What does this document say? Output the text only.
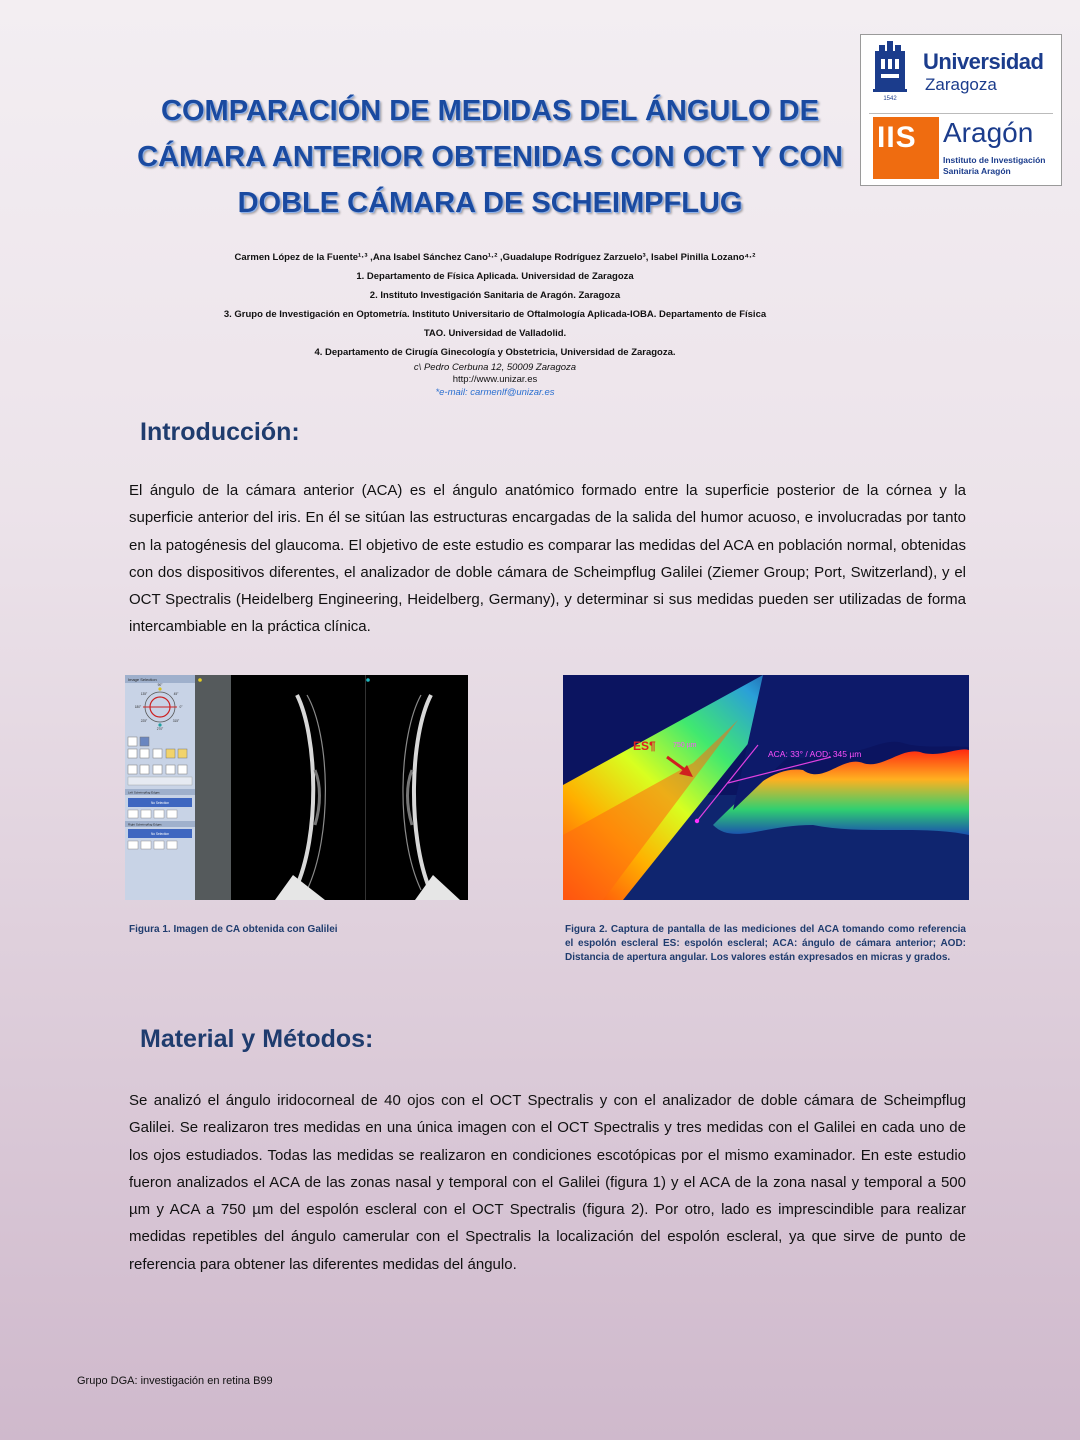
COMPARACIÓN DE MEDIDAS DEL ÁNGULO DE
CÁMARA ANTERIOR OBTENIDAS CON OCT Y CON
DOBLE CÁMARA DE SCHEIMPFLUG
1542
Universidad
Zaragoza
IIS Aragón
Instituto de Investigación
Sanitaria Aragón
Carmen López de la Fuente¹·³ ,Ana Isabel Sánchez Cano¹·² ,Guadalupe Rodríguez Zarzuelo³, Isabel Pinilla Lozano⁴·²
1. Departamento de Física Aplicada. Universidad de Zaragoza
2. Instituto Investigación Sanitaria de Aragón. Zaragoza
3. Grupo de Investigación en Optometría. Instituto Universitario de Oftalmología Aplicada-IOBA. Departamento de Física
TAO. Universidad de Valladolid.
4. Departamento de Cirugía Ginecología y Obstetricia, Universidad de Zaragoza.
c\ Pedro Cerbuna 12, 50009 Zaragoza
http://www.unizar.es
*e-mail: carmenlf@unizar.es
Introducción:
El ángulo de la cámara anterior (ACA) es el ángulo anatómico formado entre la superficie posterior de la córnea y la superficie anterior del iris. En él se sitúan las estructuras encargadas de la salida del humor acuoso, e involucradas por tanto en la patogénesis del glaucoma. El objetivo de este estudio es comparar las medidas del ACA en población normal, obtenidas con dos dispositivos diferentes, el analizador de doble cámara de Scheimpflug Galilei (Ziemer Group; Port, Switzerland), y el OCT Spectralis (Heidelberg Engineering, Heidelberg, Germany), y determinar si sus medidas pueden ser utilizadas de forma intercambiable en la práctica clínica.
Image Selection
90°
135°	45°
180°	0°
225°	315°
270°
Left Scheimpflug Edges
No Selection
Right Scheimpflug Edges
No Selection
ES¶ 750 µm
ACA: 33° / AOD: 345 µm
Figura 1. Imagen de CA obtenida con Galilei	Figura 2. Captura de pantalla de las mediciones del ACA tomando como referencia el espolón escleral ES: espolón escleral; ACA: ángulo de cámara anterior; AOD: Distancia de apertura angular. Los valores están expresados en micras y grados.
Material y Métodos:
Se analizó el ángulo iridocorneal de 40 ojos con el OCT Spectralis y con el analizador de doble cámara de Scheimpflug Galilei. Se realizaron tres medidas en una única imagen con el OCT Spectralis y tres medidas con el Galilei en cada uno de los ojos estudiados. Todas las medidas se realizaron en condiciones escotópicas por el mismo examinador. En este estudio fueron analizados el ACA de las zonas nasal y temporal con el Galilei (figura 1) y el ACA de la zona nasal y temporal a 500 µm y ACA a 750 µm del espolón escleral con el OCT Spectralis (figura 2). Por otro, lado es imprescindible para realizar medidas repetibles del ángulo camerular con el Spectralis la localización del espolón escleral, ya que sirve de punto de referencia para obtener las diferentes medidas del ángulo.
Grupo DGA: investigación en retina B99
